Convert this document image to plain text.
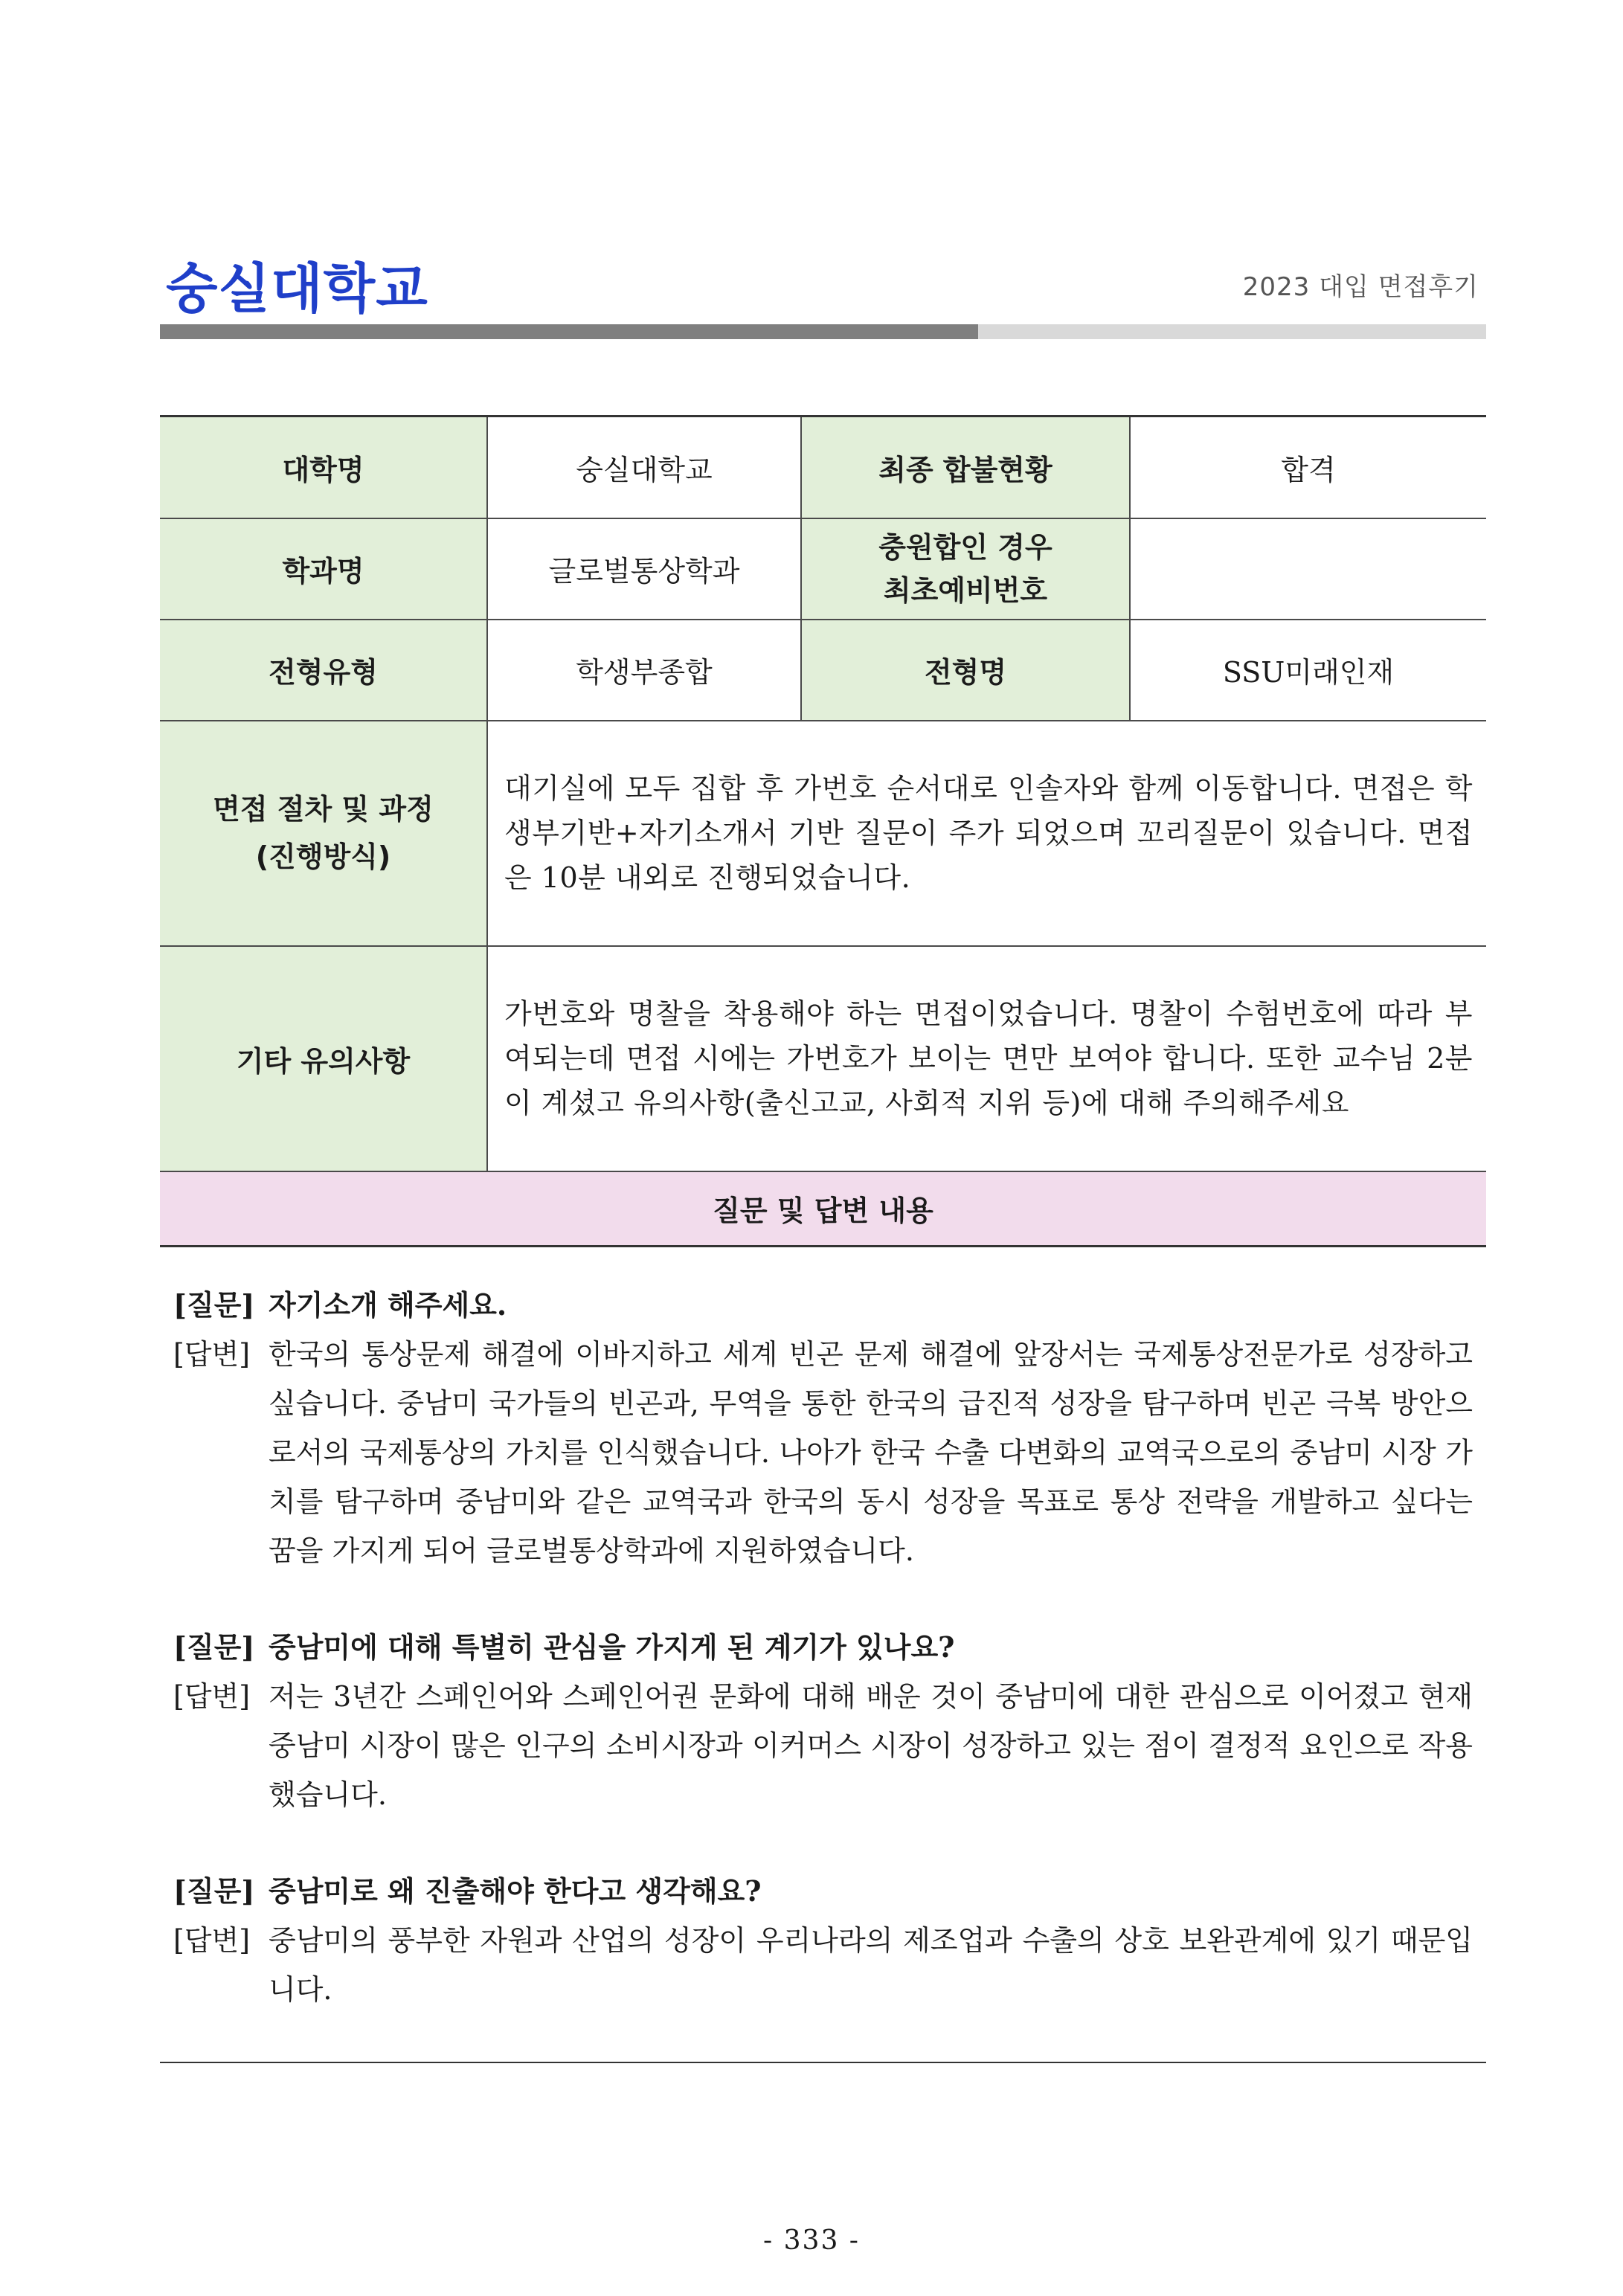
숭실대학교	2023 대입 면접후기
대학명	숭실대학교	최종 합불현황	합격
학과명	글로벌통상학과	충원합인 경우
최초예비번호	

전형유형	학생부종합	전형명	SSU미래인재

면접 절차 및 과정
(진행방식)	대기실에 모두 집합 후 가번호 순서대로 인솔자와 함께 이동합니다. 면접은 학생부기반+자기소개서 기반 질문이 주가 되었으며 꼬리질문이 있습니다. 면접은 10분 내외로 진행되었습니다.		
기타 유의사항	가번호와 명찰을 착용해야 하는 면접이었습니다. 명찰이 수험번호에 따라 부여되는데 면접 시에는 가번호가 보이는 면만 보여야 합니다. 또한 교수님 2분이 계셨고 유의사항(출신고교, 사회적 지위 등)에 대해 주의해주세요		
질문 및 답변 내용			
[질문] 자기소개 해주세요.
[답변] 한국의 통상문제 해결에 이바지하고 세계 빈곤 문제 해결에 앞장서는 국제통상전문가로 성장하고 싶습니다. 중남미 국가들의 빈곤과, 무역을 통한 한국의 급진적 성장을 탐구하며 빈곤 극복 방안으로서의 국제통상의 가치를 인식했습니다. 나아가 한국 수출 다변화의 교역국으로의 중남미 시장 가치를 탐구하며 중남미와 같은 교역국과 한국의 동시 성장을 목표로 통상 전략을 개발하고 싶다는 꿈을 가지게 되어 글로벌통상학과에 지원하였습니다.
[질문] 중남미에 대해 특별히 관심을 가지게 된 계기가 있나요?
[답변] 저는 3년간 스페인어와 스페인어권 문화에 대해 배운 것이 중남미에 대한 관심으로 이어졌고 현재 중남미 시장이 많은 인구의 소비시장과 이커머스 시장이 성장하고 있는 점이 결정적 요인으로 작용했습니다.
[질문] 중남미로 왜 진출해야 한다고 생각해요?
[답변] 중남미의 풍부한 자원과 산업의 성장이 우리나라의 제조업과 수출의 상호 보완관계에 있기 때문입니다.
- 333 -
